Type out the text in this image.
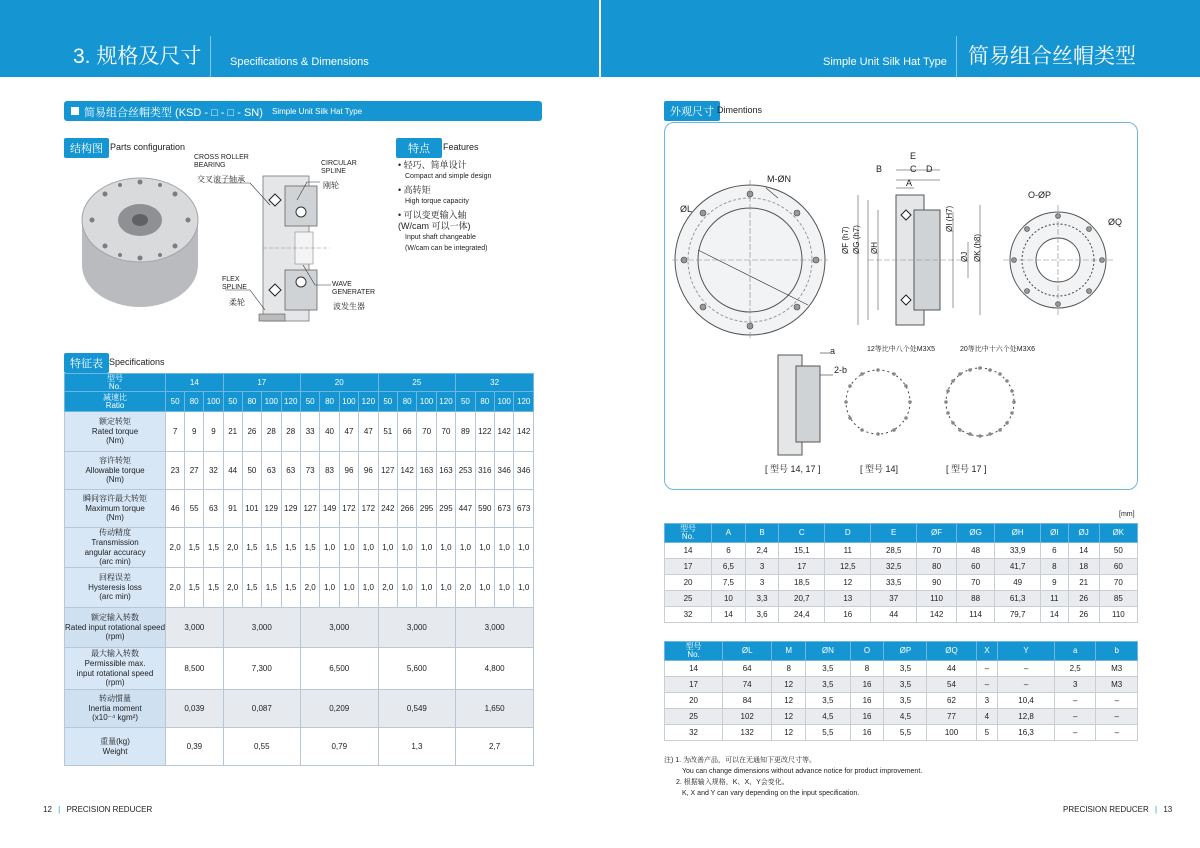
3. 规格及尺寸	Specifications & Dimensions	Simple Unit Silk Hat Type 简易组合丝帽类型
简易组合丝帽类型 (KSD - □ - □ - SN) Simple Unit Silk Hat Type
结构图 Parts configuration
CROSS ROLLER
BEARING
交叉滚子轴承
CIRCULAR
SPLINE
刚轮
FLEX
SPLINE
柔轮
WAVE
GENERATER
波发生器
特点	Features
• 轻巧、简单设计
Compact and simple design
• 高转矩
High torque capacity
• 可以变更输入轴
(W/cam 可以一体)
Input shaft changeable
(W/cam can be integrated)
特征表 Specifications
型号
No.	14			17				20				25				32			
减速比
Ratio	50	80	100	50	80	100	120	50	80	100	120	50	80	100	120	50	80	100	120
额定转矩
Rated torque
(Nm)	7	9	9	21	26	28	28	33	40	47	47	51	66	70	70	89	122	142	142
容许转矩
Allowable torque
(Nm)	23	27	32	44	50	63	63	73	83	96	96	127	142	163	163	253	316	346	346
瞬间容许最大转矩
Maximum torque
(Nm)	46	55	63	91	101	129	129	127	149	172	172	242	266	295	295	447	590	673	673
传动精度
Transmission
angular accuracy
(arc min)	2,0	1,5	1,5	2,0	1,5	1,5	1,5	1,5	1,0	1,0	1,0	1,0	1,0	1,0	1,0	1,0	1,0	1,0	1,0
回程误差
Hysteresis loss
(arc min)	2,0	1,5	1,5	2,0	1,5	1,5	1,5	2,0	1,0	1,0	1,0	2,0	1,0	1,0	1,0	2,0	1,0	1,0	1,0
额定输入转数
Rated input rotational speed
(rpm)	3,000			3,000				3,000				3,000				3,000			
最大输入转数
Permissible max.
input rotational speed
(rpm)	8,500			7,300				6,500				5,600				4,800			
转动惯量
Inertia moment
(x10⁻⁴ kgm²)	0,039			0,087				0,209				0,549				1,650			
重量(kg)
Weight	0,39			0,55				0,79				1,3				2,7			
外观尺寸 Dimentions
E
B	C D
A
M-ØN
ØL
O-ØP
ØQ
ØF (h7) ØG (h7) ØH
ØI (H7)
ØJ ØK (h8)
a
2-b
12等比中八个处M3X5	20等比中十六个处M3X6
[ 型号 14, 17 ]	[ 型号 14]	[ 型号 17 ]
[mm]
型号
No.	A	B	C	D	E	ØF	ØG	ØH	ØI	ØJ	ØK
14	6	2,4	15,1	11	28,5	70	48	33,9	6	14	50
17	6,5	3	17	12,5	32,5	80	60	41,7	8	18	60
20	7,5	3	18,5	12	33,5	90	70	49	9	21	70
25	10	3,3	20,7	13	37	110	88	61,3	11	26	85
32	14	3,6	24,4	16	44	142	114	79,7	14	26	110
型号
No.	ØL	M	ØN	O	ØP	ØQ	X	Y	a	b
14	64	8	3,5	8	3,5	44	–	–	2,5	M3
17	74	12	3,5	16	3,5	54	–	–	3	M3
20	84	12	3,5	16	3,5	62	3	10,4	–	–
25	102	12	4,5	16	4,5	77	4	12,8	–	–
32	132	12	5,5	16	5,5	100	5	16,3	–	–
注) 1. 为改善产品，可以在无通知下更改尺寸等。
You can change dimensions without advance notice for product improvement.
2. 根据输入规格，K、X、Y会变化。
K, X and Y can vary depending on the input specification.
12 | PRECISION REDUCER	PRECISION REDUCER | 13
